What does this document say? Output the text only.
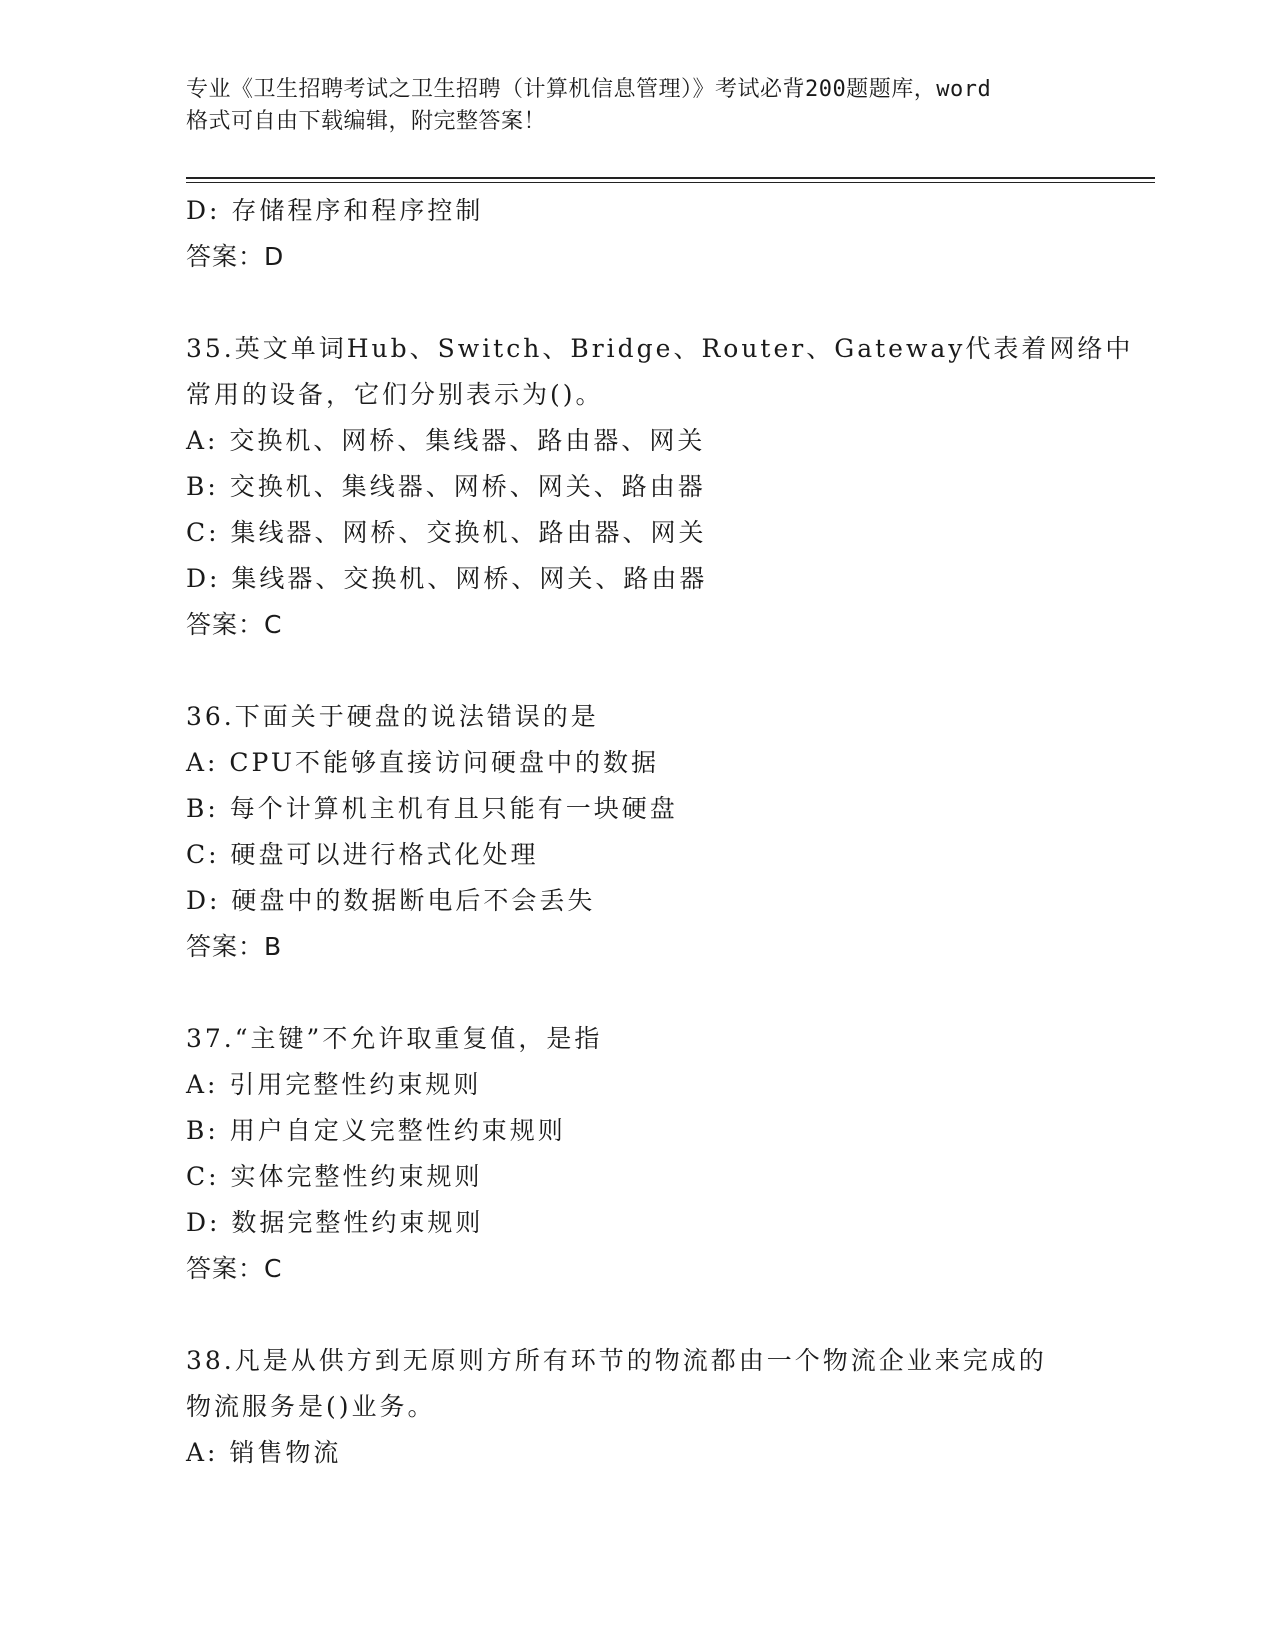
专业《卫生招聘考试之卫生招聘（计算机信息管理）》考试必背200题题库，word
格式可自由下载编辑，附完整答案！
D: 存储程序和程序控制
答案：D
35.英文单词Hub、Switch、Bridge、Router、Gateway代表着网络中
常用的设备，它们分别表示为()。
A: 交换机、网桥、集线器、路由器、网关
B: 交换机、集线器、网桥、网关、路由器
C: 集线器、网桥、交换机、路由器、网关
D: 集线器、交换机、网桥、网关、路由器
答案：C
36.下面关于硬盘的说法错误的是
A: CPU不能够直接访问硬盘中的数据
B: 每个计算机主机有且只能有一块硬盘
C: 硬盘可以进行格式化处理
D: 硬盘中的数据断电后不会丢失
答案：B
37.“主键”不允许取重复值，是指
A: 引用完整性约束规则
B: 用户自定义完整性约束规则
C: 实体完整性约束规则
D: 数据完整性约束规则
答案：C
38.凡是从供方到无原则方所有环节的物流都由一个物流企业来完成的
物流服务是()业务。
A: 销售物流
